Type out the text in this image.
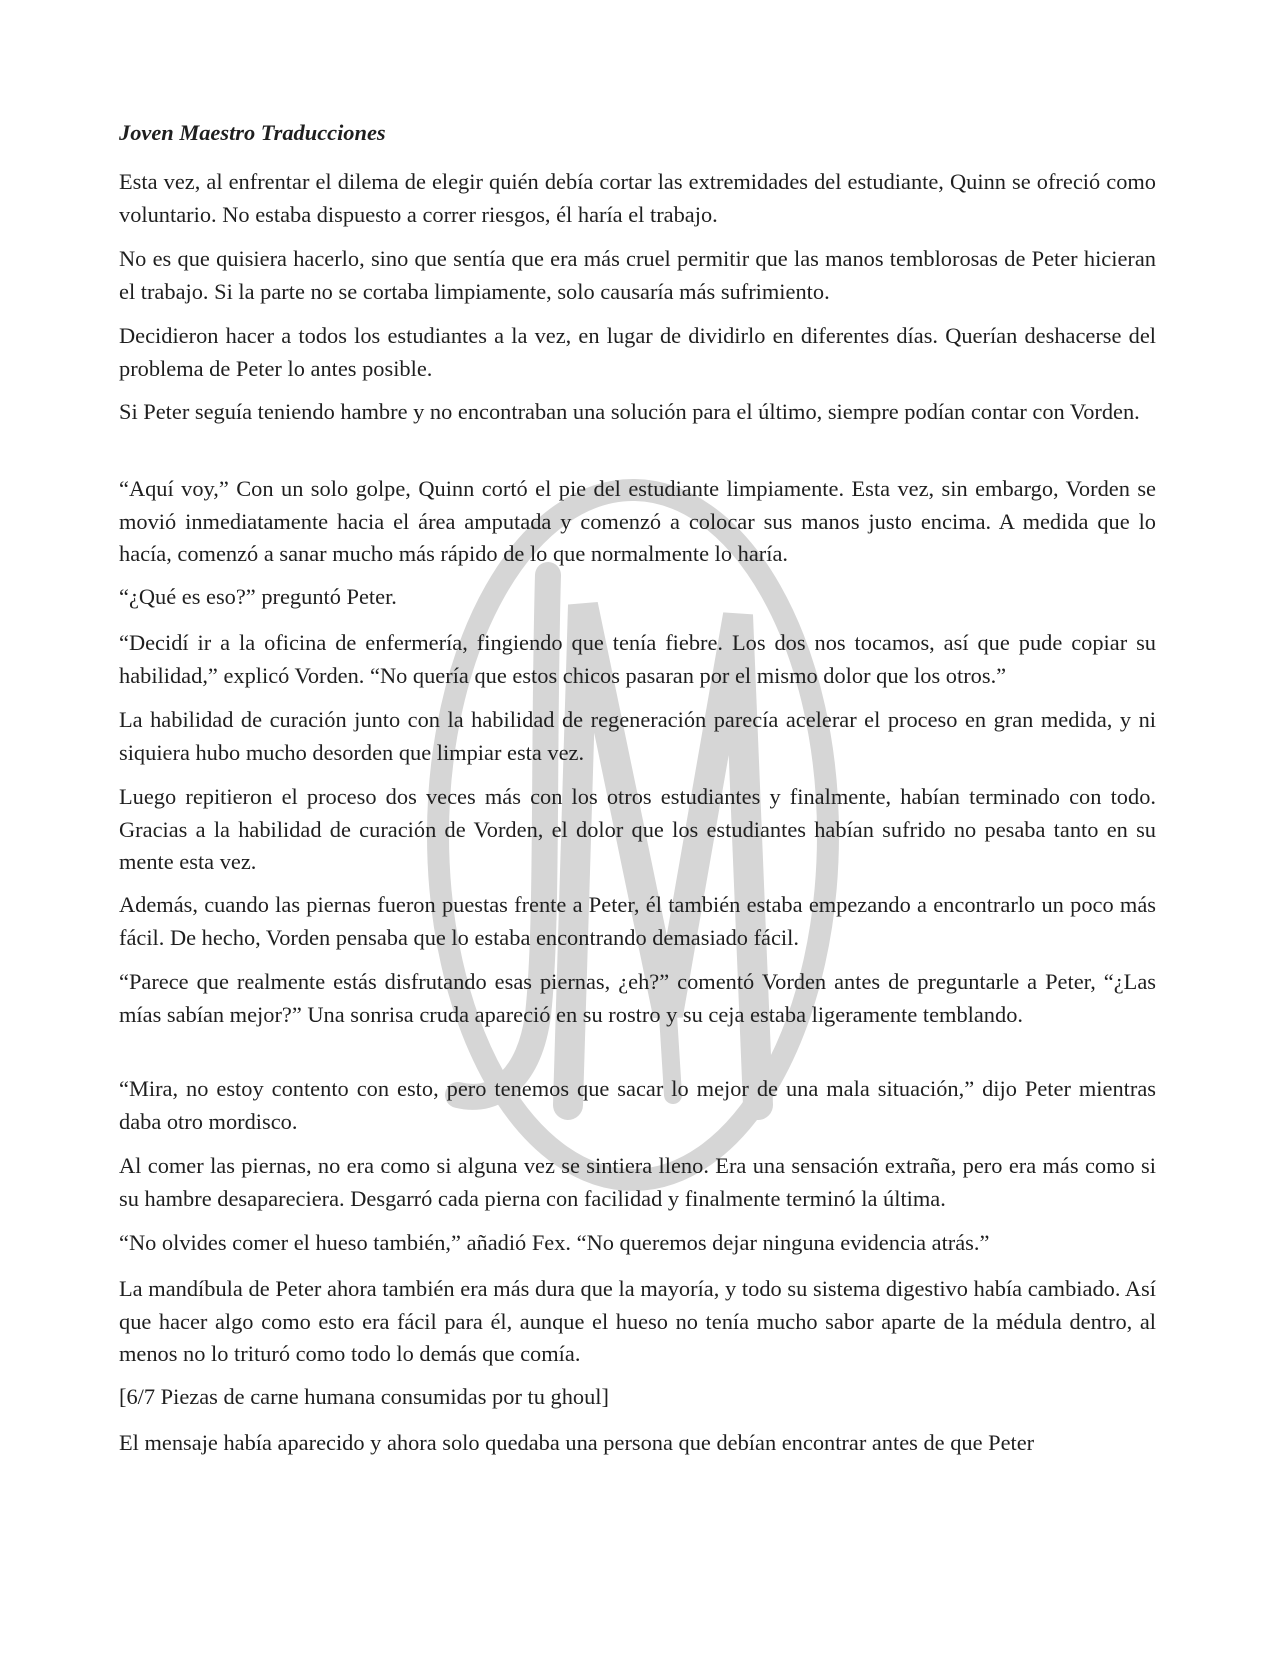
Joven Maestro Traducciones

Esta vez, al enfrentar el dilema de elegir quién debía cortar las extremidades del estudiante, Quinn se ofreció como voluntario. No estaba dispuesto a correr riesgos, él haría el trabajo.

No es que quisiera hacerlo, sino que sentía que era más cruel permitir que las manos temblorosas de Peter hicieran el trabajo. Si la parte no se cortaba limpiamente, solo causaría más sufrimiento.

Decidieron hacer a todos los estudiantes a la vez, en lugar de dividirlo en diferentes días. Querían deshacerse del problema de Peter lo antes posible.

Si Peter seguía teniendo hambre y no encontraban una solución para el último, siempre podían contar con Vorden.

“Aquí voy,” Con un solo golpe, Quinn cortó el pie del estudiante limpiamente. Esta vez, sin embargo, Vorden se movió inmediatamente hacia el área amputada y comenzó a colocar sus manos justo encima. A medida que lo hacía, comenzó a sanar mucho más rápido de lo que normalmente lo haría.

“¿Qué es eso?” preguntó Peter.

“Decidí ir a la oficina de enfermería, fingiendo que tenía fiebre. Los dos nos tocamos, así que pude copiar su habilidad,” explicó Vorden. “No quería que estos chicos pasaran por el mismo dolor que los otros.”

La habilidad de curación junto con la habilidad de regeneración parecía acelerar el proceso en gran medida, y ni siquiera hubo mucho desorden que limpiar esta vez.

Luego repitieron el proceso dos veces más con los otros estudiantes y finalmente, habían terminado con todo. Gracias a la habilidad de curación de Vorden, el dolor que los estudiantes habían sufrido no pesaba tanto en su mente esta vez.

Además, cuando las piernas fueron puestas frente a Peter, él también estaba empezando a encontrarlo un poco más fácil. De hecho, Vorden pensaba que lo estaba encontrando demasiado fácil.

“Parece que realmente estás disfrutando esas piernas, ¿eh?” comentó Vorden antes de preguntarle a Peter, “¿Las mías sabían mejor?” Una sonrisa cruda apareció en su rostro y su ceja estaba ligeramente temblando.

“Mira, no estoy contento con esto, pero tenemos que sacar lo mejor de una mala situación,” dijo Peter mientras daba otro mordisco.

Al comer las piernas, no era como si alguna vez se sintiera lleno. Era una sensación extraña, pero era más como si su hambre desapareciera. Desgarró cada pierna con facilidad y finalmente terminó la última.

“No olvides comer el hueso también,” añadió Fex. “No queremos dejar ninguna evidencia atrás.”

La mandíbula de Peter ahora también era más dura que la mayoría, y todo su sistema digestivo había cambiado. Así que hacer algo como esto era fácil para él, aunque el hueso no tenía mucho sabor aparte de la médula dentro, al menos no lo trituró como todo lo demás que comía.

[6/7 Piezas de carne humana consumidas por tu ghoul]

El mensaje había aparecido y ahora solo quedaba una persona que debían encontrar antes de que Peter
